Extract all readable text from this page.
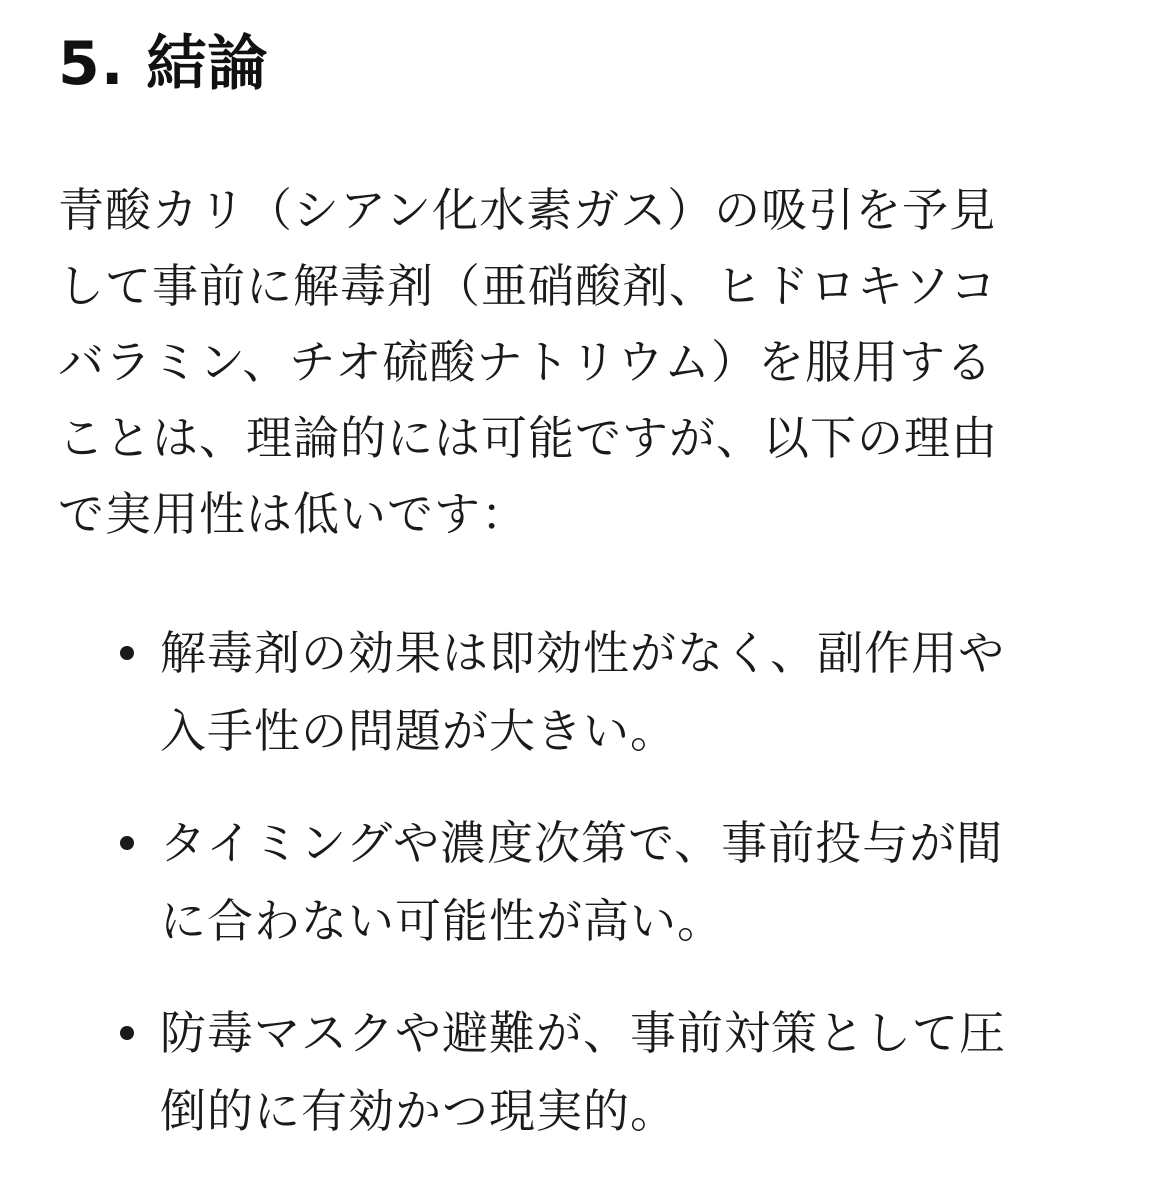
5. 結論

青酸カリ（シアン化水素ガス）の吸引を予見
して事前に解毒剤（亜硝酸剤、ヒドロキソコ
バラミン、チオ硫酸ナトリウム）を服用する
ことは、理論的には可能ですが、以下の理由
で実用性は低いです：

解毒剤の効果は即効性がなく、副作用や
入手性の問題が大きい。
タイミングや濃度次第で、事前投与が間
に合わない可能性が高い。
防毒マスクや避難が、事前対策として圧
倒的に有効かつ現実的。
